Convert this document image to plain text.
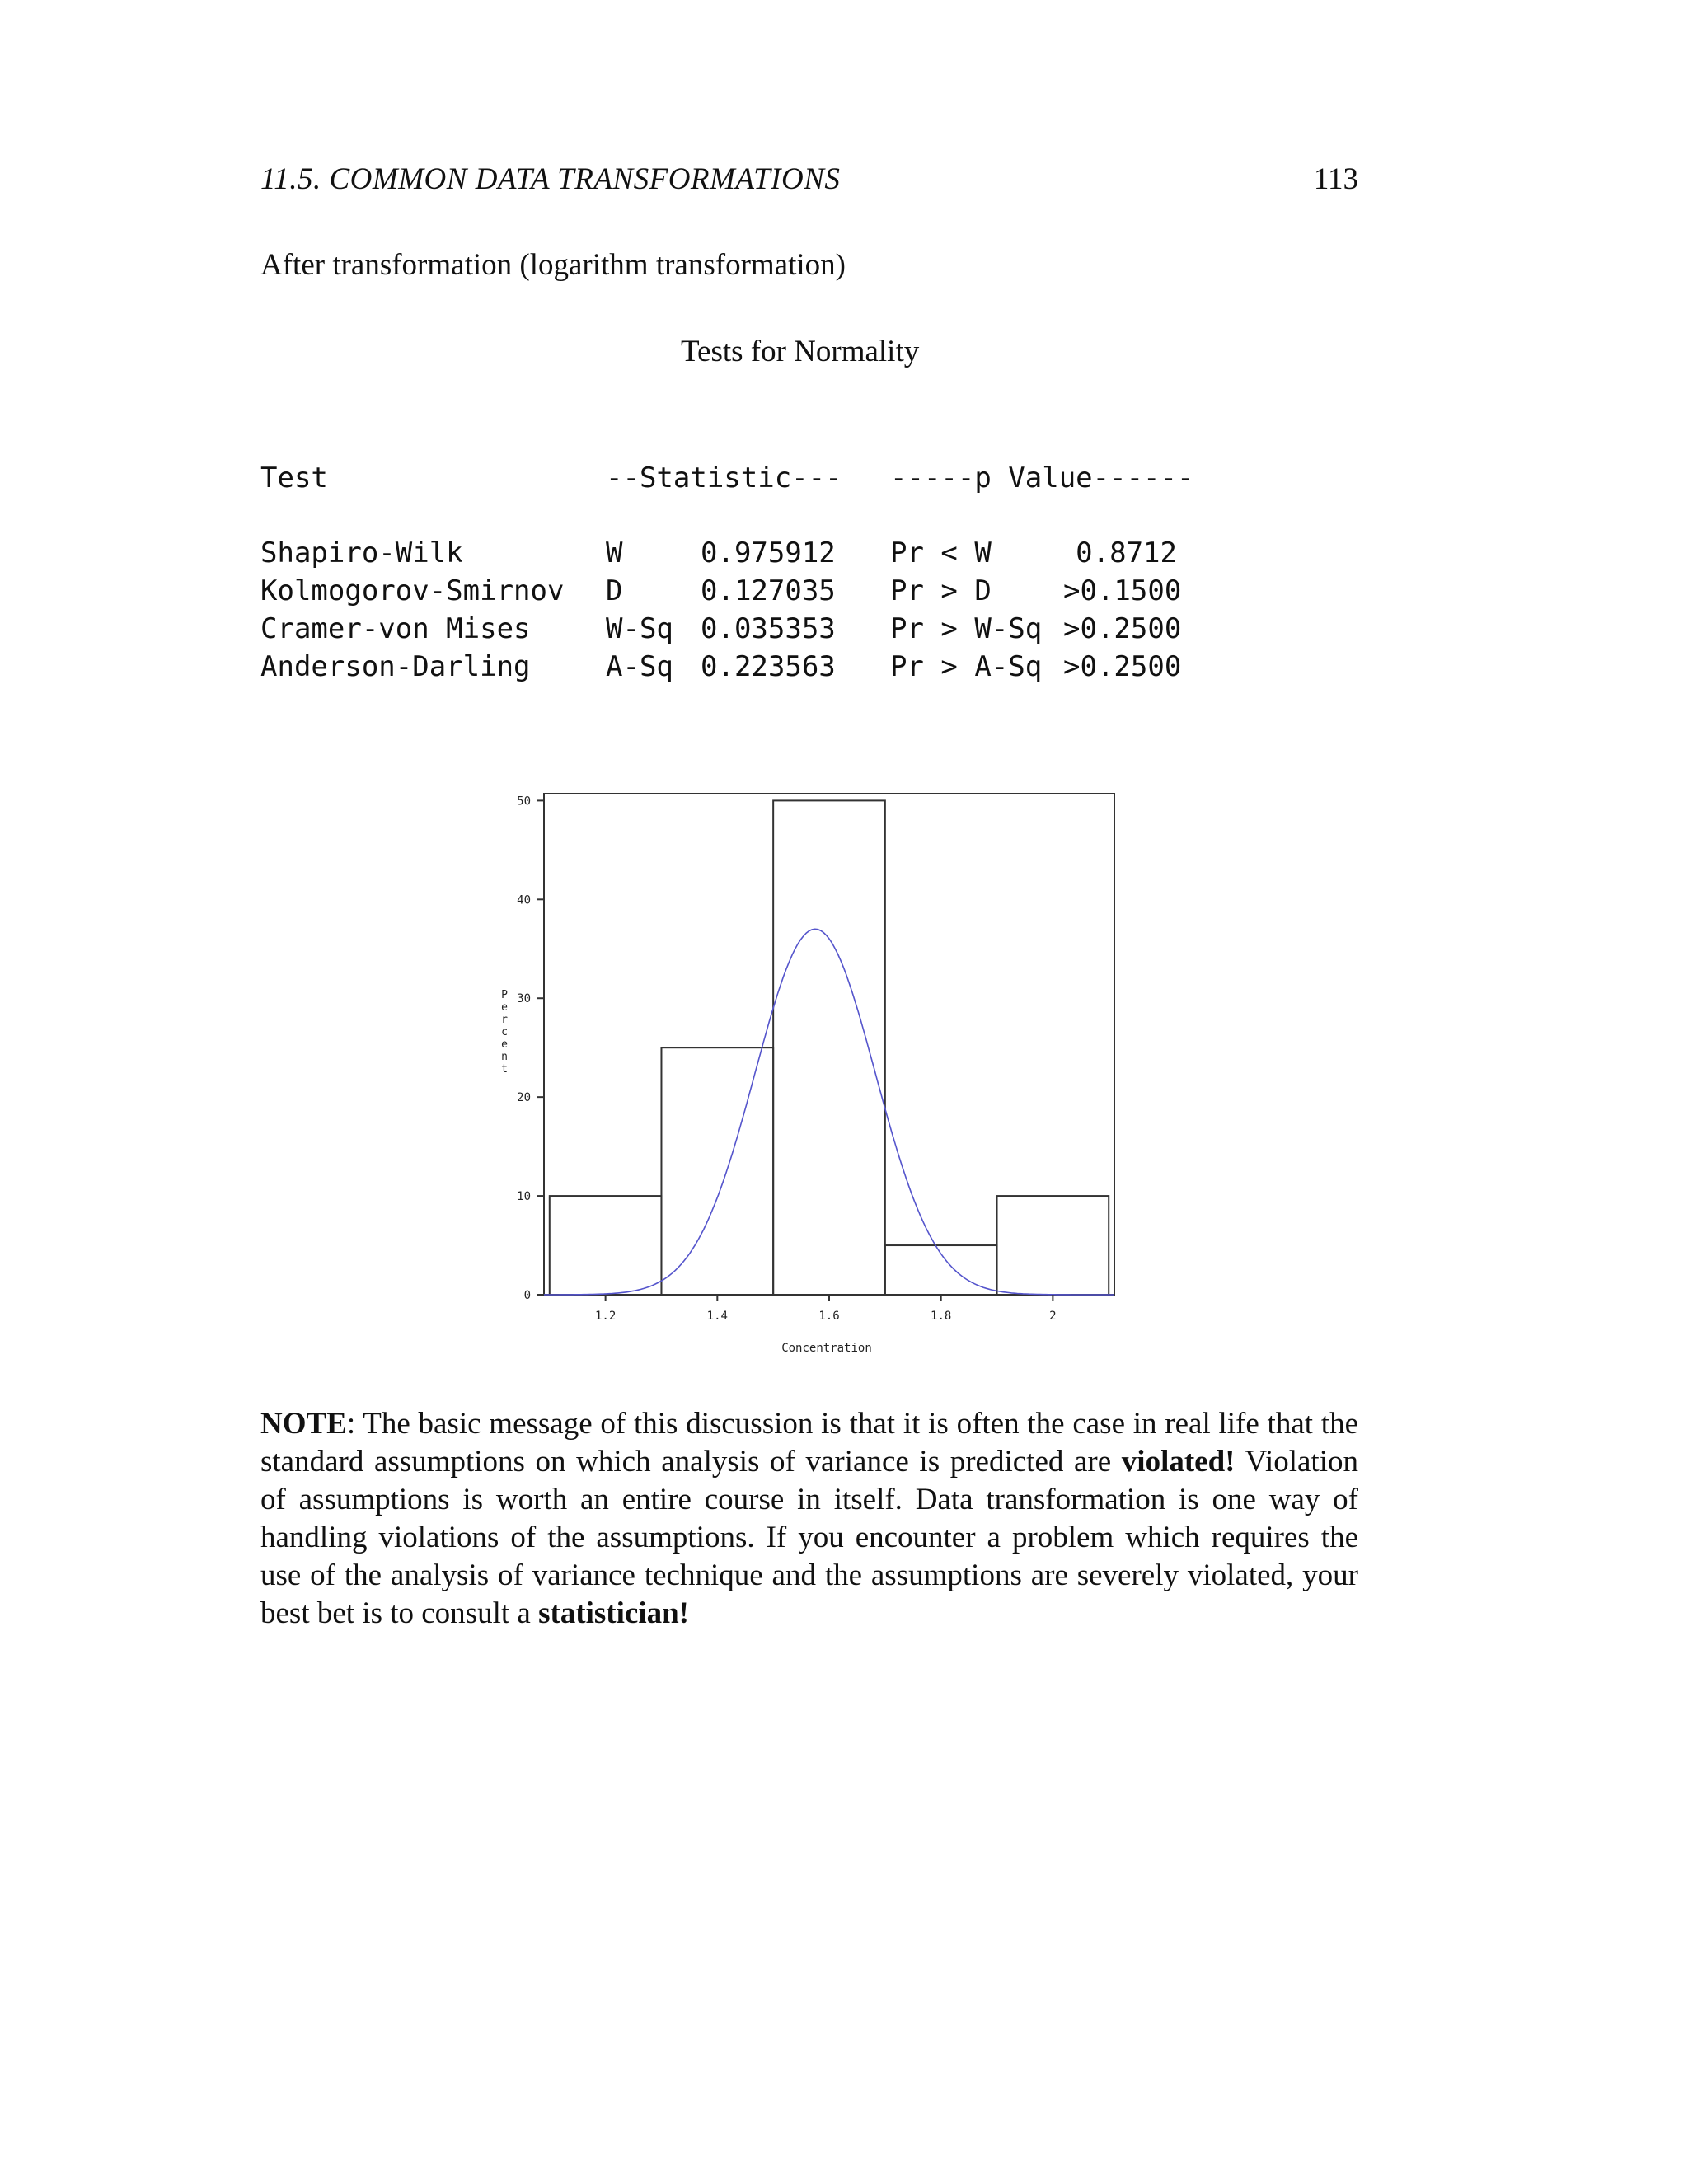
11.5. COMMON DATA TRANSFORMATIONS	113
After transformation (logarithm transformation)
Tests for Normality
Test	--Statistic--- -----p Value------
Shapiro-Wilk	W	0.975912 Pr < W	0.8712
Kolmogorov-Smirnov D	0.127035 Pr > D	>0.1500
Cramer-von Mises	W-Sq 0.035353 Pr > W-Sq >0.2500
Anderson-Darling	A-Sq 0.223563 Pr > A-Sq >0.2500
1.2	1.4	1.6	1.8	2
0
10
20
30
40
50
Concentration
P
e
r
c
e
n
t
NOTE: The basic message of this discussion is that it is often the case in real life that the standard assumptions on which analysis of variance is predicted are violated! Violation of assumptions is worth an entire course in itself. Data transformation is one way of handling violations of the assumptions. If you encounter a problem which requires the use of the analysis of variance technique and the assumptions are severely violated, your best bet is to consult a statistician!
